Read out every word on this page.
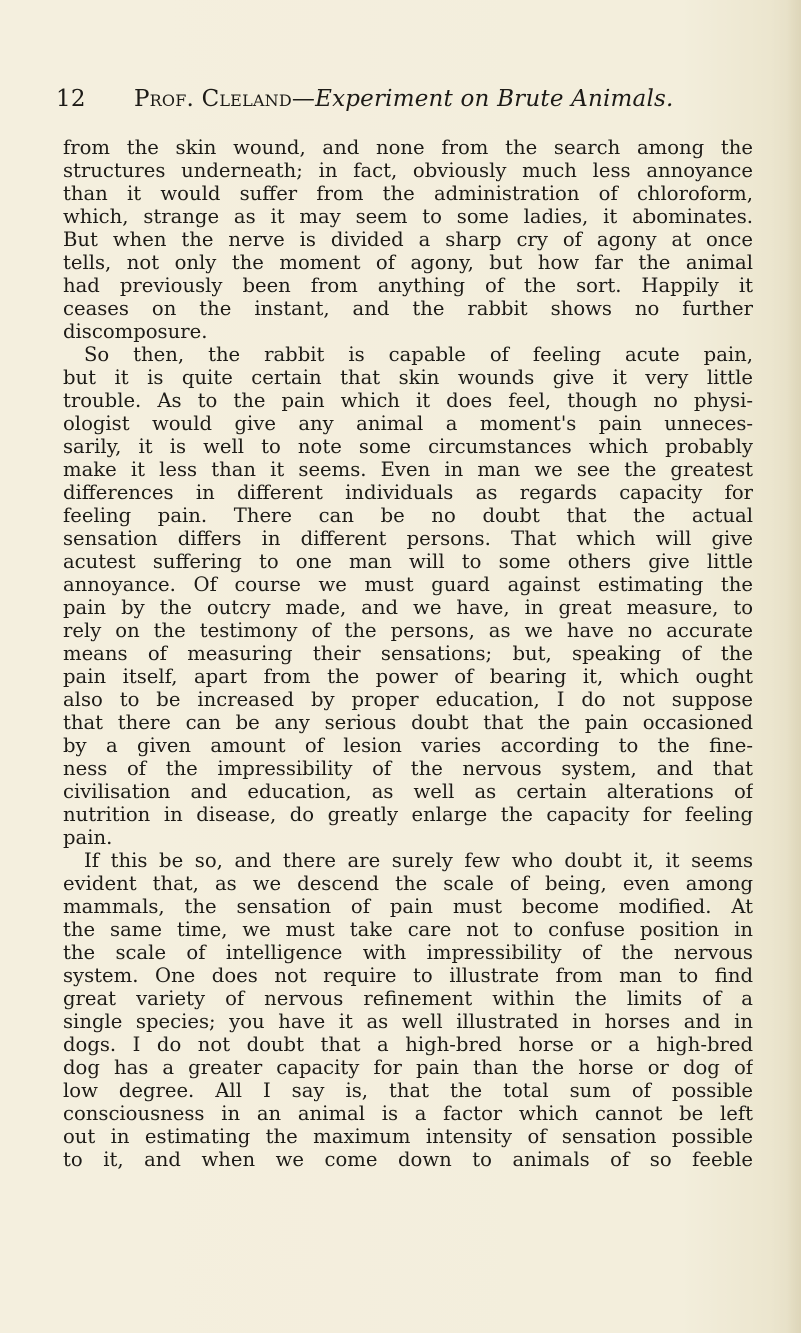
12 Prof. Cleland—Experiment on Brute Animals.
from the skin wound, and none from the search among the
structures underneath; in fact, obviously much less annoyance
than it would suffer from the administration of chloroform,
which, strange as it may seem to some ladies, it abominates.
But when the nerve is divided a sharp cry of agony at once
tells, not only the moment of agony, but how far the animal
had previously been from anything of the sort. Happily it
ceases on the instant, and the rabbit shows no further
discomposure.
So then, the rabbit is capable of feeling acute pain,
but it is quite certain that skin wounds give it very little
trouble. As to the pain which it does feel, though no physi-
ologist would give any animal a moment's pain unneces-
sarily, it is well to note some circumstances which probably
make it less than it seems. Even in man we see the greatest
differences in different individuals as regards capacity for
feeling pain. There can be no doubt that the actual
sensation differs in different persons. That which will give
acutest suffering to one man will to some others give little
annoyance. Of course we must guard against estimating the
pain by the outcry made, and we have, in great measure, to
rely on the testimony of the persons, as we have no accurate
means of measuring their sensations; but, speaking of the
pain itself, apart from the power of bearing it, which ought
also to be increased by proper education, I do not suppose
that there can be any serious doubt that the pain occasioned
by a given amount of lesion varies according to the fine-
ness of the impressibility of the nervous system, and that
civilisation and education, as well as certain alterations of
nutrition in disease, do greatly enlarge the capacity for feeling
pain.
If this be so, and there are surely few who doubt it, it seems
evident that, as we descend the scale of being, even among
mammals, the sensation of pain must become modified. At
the same time, we must take care not to confuse position in
the scale of intelligence with impressibility of the nervous
system. One does not require to illustrate from man to find
great variety of nervous refinement within the limits of a
single species; you have it as well illustrated in horses and in
dogs. I do not doubt that a high-bred horse or a high-bred
dog has a greater capacity for pain than the horse or dog of
low degree. All I say is, that the total sum of possible
consciousness in an animal is a factor which cannot be left
out in estimating the maximum intensity of sensation possible
to it, and when we come down to animals of so feeble
